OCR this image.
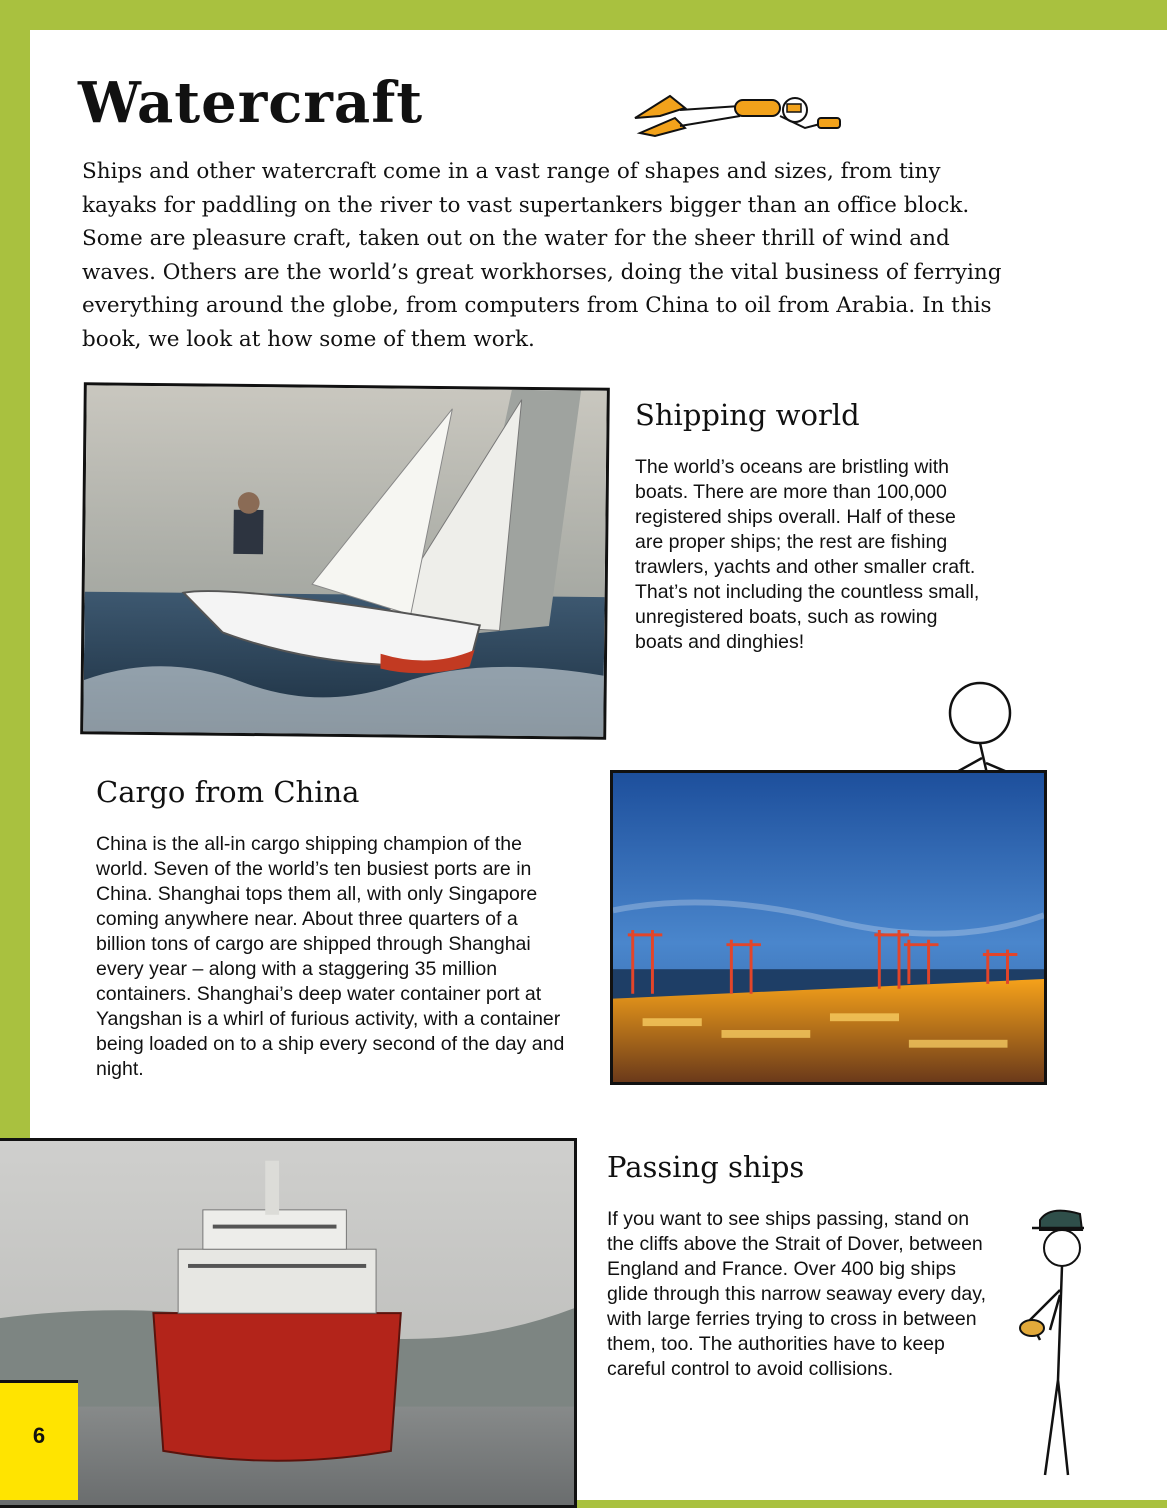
Watercraft

Ships and other watercraft come in a vast range of shapes and sizes, from tiny kayaks for paddling on the river to vast supertankers bigger than an office block. Some are pleasure craft, taken out on the water for the sheer thrill of wind and waves. Others are the world’s great workhorses, doing the vital business of ferrying everything around the globe, from computers from China to oil from Arabia. In this book, we look at how some of them work.

Shipping world

The world’s oceans are bristling with boats. There are more than 100,000 registered ships overall. Half of these are proper ships; the rest are fishing trawlers, yachts and other smaller craft. That’s not including the countless small, unregistered boats, such as rowing boats and dinghies!

Cargo from China

China is the all-in cargo shipping champion of the world. Seven of the world’s ten busiest ports are in China. Shanghai tops them all, with only Singapore coming anywhere near. About three quarters of a billion tons of cargo are shipped through Shanghai every year – along with a staggering 35 million containers. Shanghai’s deep water container port at Yangshan is a whirl of furious activity, with a container being loaded on to a ship every second of the day and night.

6
Passing ships

If you want to see ships passing, stand on the cliffs above the Strait of Dover, between England and France. Over 400 big ships glide through this narrow seaway every day, with large ferries trying to cross in between them, too. The authorities have to keep careful control to avoid collisions.
